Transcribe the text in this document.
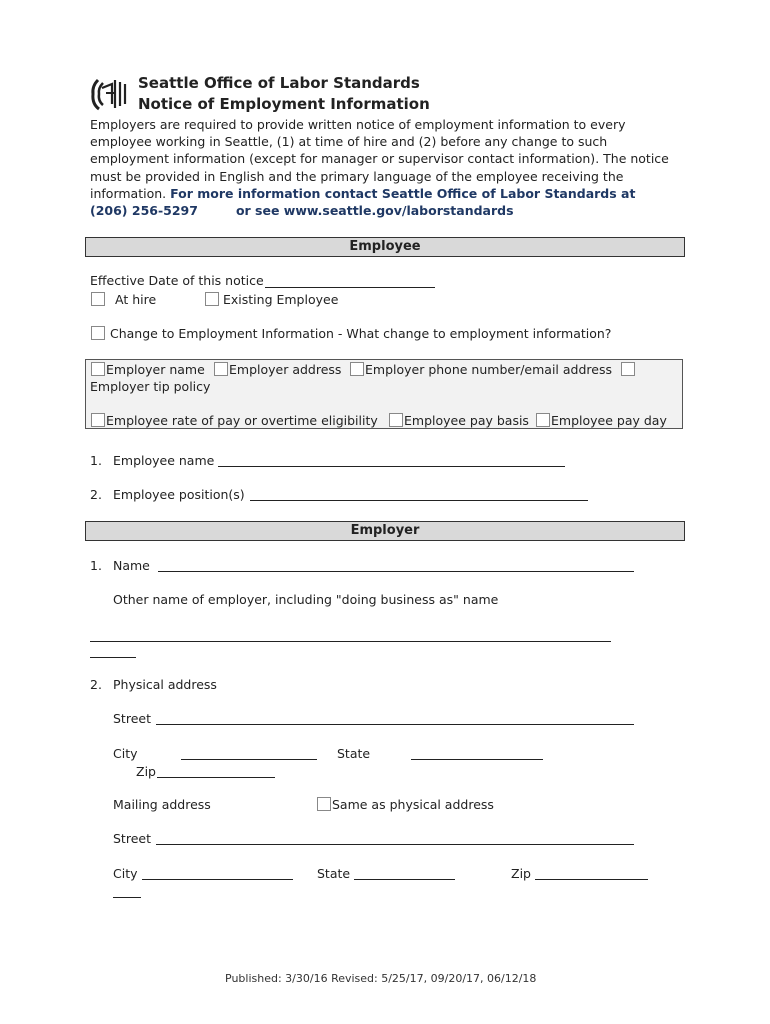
Seattle Office of Labor Standards
Notice of Employment Information
Employers are required to provide written notice of employment information to every employee working in Seattle, (1) at time of hire and (2) before any change to such employment information (except for manager or supervisor contact information). The notice must be provided in English and the primary language of the employee receiving the information. For more information contact Seattle Office of Labor Standards at
(206) 256-5297	or see www.seattle.gov/laborstandards
Employee
Effective Date of this notice
At hire	Existing Employee
Change to Employment Information - What change to employment information?
Employer name Employer address Employer phone number/email address
Employer tip policy
Employee rate of pay or overtime eligibility Employee pay basis Employee pay day
1. Employee name
2. Employee position(s)
Employer
1. Name
Other name of employer, including "doing business as" name
2. Physical address
Street
City	State
Zip
Mailing address	Same as physical address
Street
City	State	Zip
Published: 3/30/16 Revised: 5/25/17, 09/20/17, 06/12/18
